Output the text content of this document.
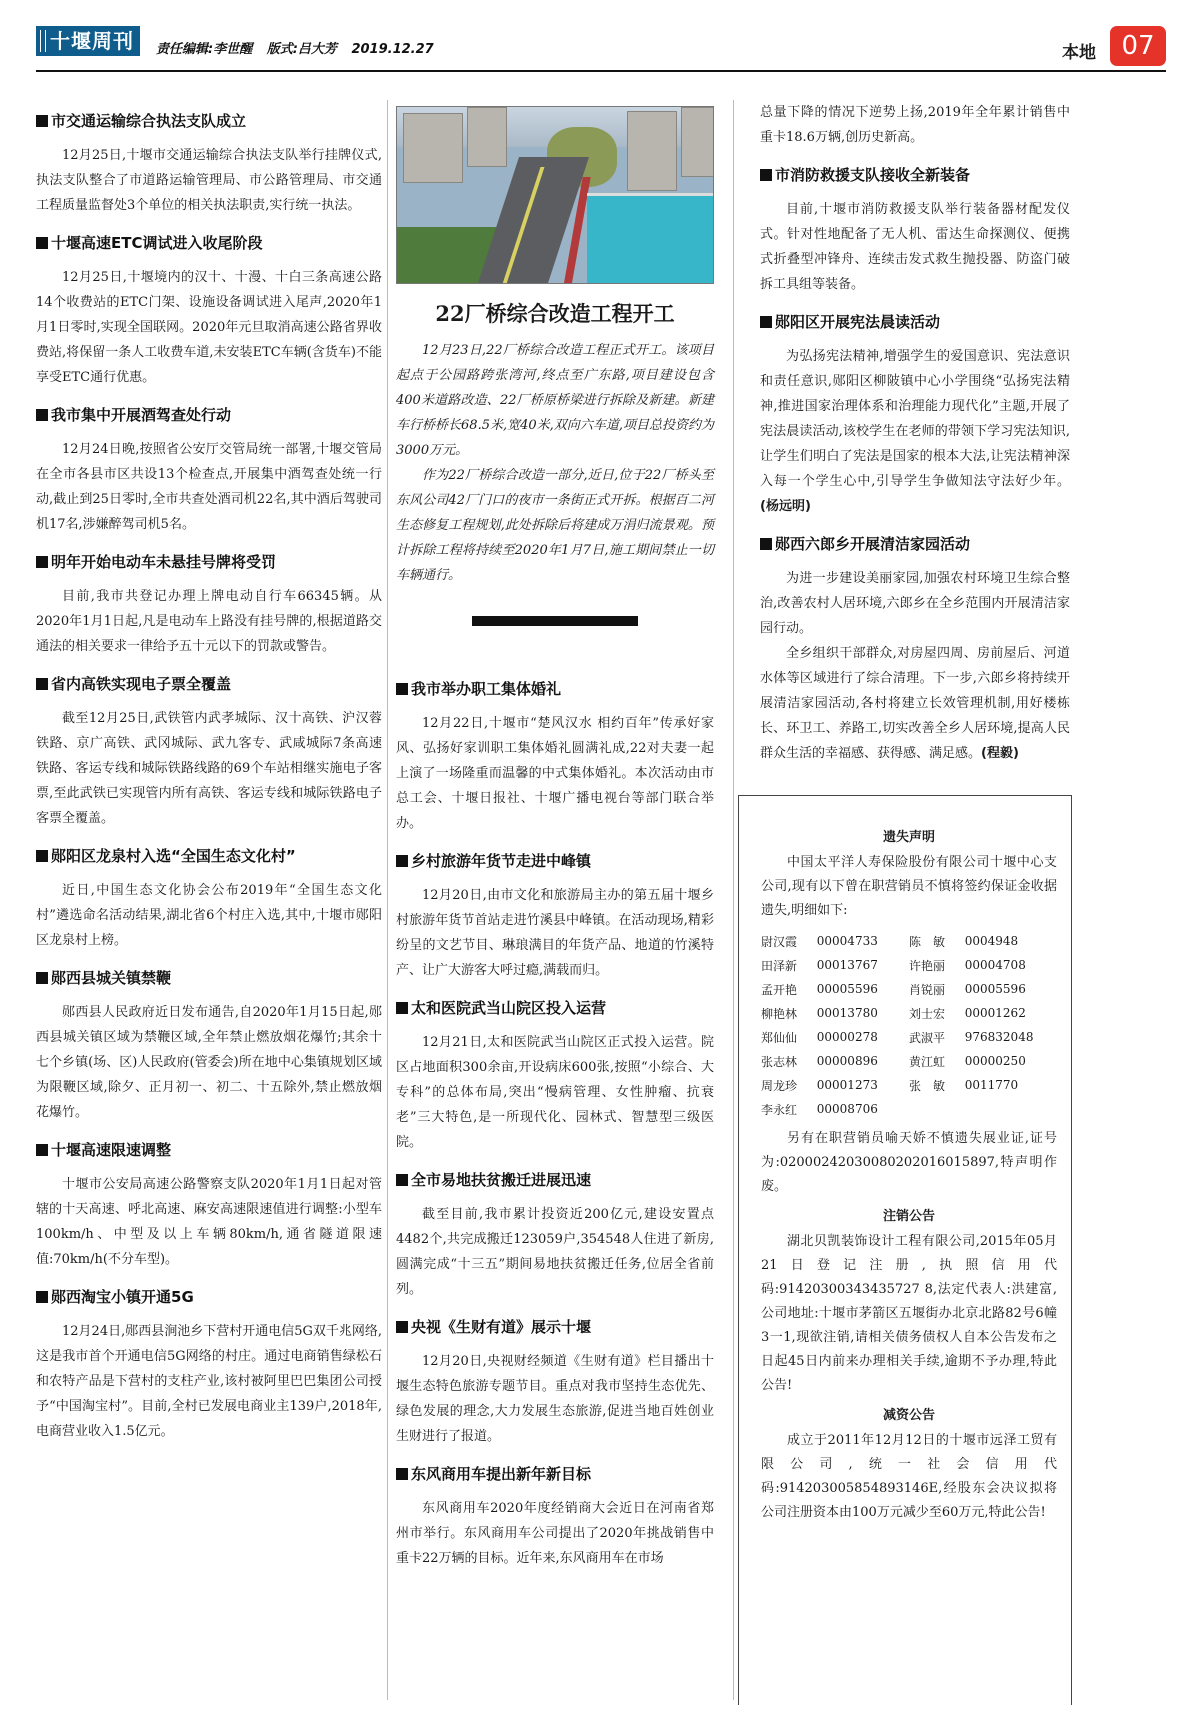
十堰周刊	责任编辑:李世醒 版式:吕大芳 2019.12.27	本地 07
市交通运输综合执法支队成立

12月25日,十堰市交通运输综合执法支队举行挂牌仪式,执法支队整合了市道路运输管理局、市公路管理局、市交通工程质量监督处3个单位的相关执法职责,实行统一执法。

十堰高速ETC调试进入收尾阶段

12月25日,十堰境内的汉十、十漫、十白三条高速公路14个收费站的ETC门架、设施设备调试进入尾声,2020年1月1日零时,实现全国联网。2020年元旦取消高速公路省界收费站,将保留一条人工收费车道,未安装ETC车辆(含货车)不能享受ETC通行优惠。

我市集中开展酒驾查处行动

12月24日晚,按照省公安厅交管局统一部署,十堰交管局在全市各县市区共设13个检查点,开展集中酒驾查处统一行动,截止到25日零时,全市共查处酒司机22名,其中酒后驾驶司机17名,涉嫌醉驾司机5名。

明年开始电动车未悬挂号牌将受罚

目前,我市共登记办理上牌电动自行车66345辆。从2020年1月1日起,凡是电动车上路没有挂号牌的,根据道路交通法的相关要求一律给予五十元以下的罚款或警告。

省内高铁实现电子票全覆盖

截至12月25日,武铁管内武孝城际、汉十高铁、沪汉蓉铁路、京广高铁、武冈城际、武九客专、武咸城际7条高速铁路、客运专线和城际铁路线路的69个车站相继实施电子客票,至此武铁已实现管内所有高铁、客运专线和城际铁路电子客票全覆盖。

郧阳区龙泉村入选“全国生态文化村”

近日,中国生态文化协会公布2019年“全国生态文化村”遴选命名活动结果,湖北省6个村庄入选,其中,十堰市郧阳区龙泉村上榜。

郧西县城关镇禁鞭

郧西县人民政府近日发布通告,自2020年1月15日起,郧西县城关镇区域为禁鞭区域,全年禁止燃放烟花爆竹;其余十七个乡镇(场、区)人民政府(管委会)所在地中心集镇规划区域为限鞭区域,除夕、正月初一、初二、十五除外,禁止燃放烟花爆竹。

十堰高速限速调整

十堰市公安局高速公路警察支队2020年1月1日起对管辖的十天高速、呼北高速、麻安高速限速值进行调整:小型车100km/h、中型及以上车辆80km/h,通省隧道限速值:70km/h(不分车型)。

郧西淘宝小镇开通5G

12月24日,郧西县涧池乡下营村开通电信5G双千兆网络,这是我市首个开通电信5G网络的村庄。通过电商销售绿松石和农特产品是下营村的支柱产业,该村被阿里巴巴集团公司授予“中国淘宝村”。目前,全村已发展电商业主139户,2018年,电商营业收入1.5亿元。

22厂桥综合改造工程开工

12月23日,22厂桥综合改造工程正式开工。该项目起点于公园路跨张湾河,终点至广东路,项目建设包含400米道路改造、22厂桥原桥梁进行拆除及新建。新建车行桥桥长68.5米,宽40米,双向六车道,项目总投资约为3000万元。

作为22厂桥综合改造一部分,近日,位于22厂桥头至东风公司42厂门口的夜市一条街正式开拆。根据百二河生态修复工程规划,此处拆除后将建成万涓归流景观。预计拆除工程将持续至2020年1月7日,施工期间禁止一切车辆通行。

我市举办职工集体婚礼

12月22日,十堰市“楚风汉水 相约百年”传承好家风、弘扬好家训职工集体婚礼圆满礼成,22对夫妻一起上演了一场隆重而温馨的中式集体婚礼。本次活动由市总工会、十堰日报社、十堰广播电视台等部门联合举办。

乡村旅游年货节走进中峰镇

12月20日,由市文化和旅游局主办的第五届十堰乡村旅游年货节首站走进竹溪县中峰镇。在活动现场,精彩纷呈的文艺节目、琳琅满目的年货产品、地道的竹溪特产、让广大游客大呼过瘾,满载而归。

太和医院武当山院区投入运营

12月21日,太和医院武当山院区正式投入运营。院区占地面积300余亩,开设病床600张,按照“小综合、大专科”的总体布局,突出“慢病管理、女性肿瘤、抗衰老”三大特色,是一所现代化、园林式、智慧型三级医院。

全市易地扶贫搬迁进展迅速

截至目前,我市累计投资近200亿元,建设安置点4482个,共完成搬迁123059户,354548人住进了新房,圆满完成“十三五”期间易地扶贫搬迁任务,位居全省前列。

央视《生财有道》展示十堰

12月20日,央视财经频道《生财有道》栏目播出十堰生态特色旅游专题节目。重点对我市坚持生态优先、绿色发展的理念,大力发展生态旅游,促进当地百姓创业生财进行了报道。

东风商用车提出新年新目标

东风商用车2020年度经销商大会近日在河南省郑州市举行。东风商用车公司提出了2020年挑战销售中重卡22万辆的目标。近年来,东风商用车在市场

总量下降的情况下逆势上扬,2019年全年累计销售中重卡18.6万辆,创历史新高。

市消防救援支队接收全新装备

目前,十堰市消防救援支队举行装备器材配发仪式。针对性地配备了无人机、雷达生命探测仪、便携式折叠型冲锋舟、连续击发式救生抛投器、防盗门破拆工具组等装备。

郧阳区开展宪法晨读活动

为弘扬宪法精神,增强学生的爱国意识、宪法意识和责任意识,郧阳区柳陂镇中心小学围绕“弘扬宪法精神,推进国家治理体系和治理能力现代化”主题,开展了宪法晨读活动,该校学生在老师的带领下学习宪法知识,让学生们明白了宪法是国家的根本大法,让宪法精神深入每一个学生心中,引导学生争做知法守法好少年。 (杨远明)

郧西六郎乡开展清洁家园活动

为进一步建设美丽家园,加强农村环境卫生综合整治,改善农村人居环境,六郎乡在全乡范围内开展清洁家园行动。

全乡组织干部群众,对房屋四周、房前屋后、河道水体等区域进行了综合清理。下一步,六郎乡将持续开展清洁家园活动,各村将建立长效管理机制,用好楼栋长、环卫工、养路工,切实改善全乡人居环境,提高人民群众生活的幸福感、获得感、满足感。(程毅)

遗失声明

中国太平洋人寿保险股份有限公司十堰中心支公司,现有以下曾在职营销员不慎将签约保证金收据遗失,明细如下:

尉汉霞	00004733	陈　敏	0004948
田泽新	00013767	许艳丽	00004708
孟开艳	00005596	肖锐丽	00005596
柳艳林	00013780	刘士宏	00001262
郑仙仙	00000278	武淑平	976832048
张志林	00000896	黄江虹	00000250
周龙珍	00001273	张　敏	0011770
李永红	00008706		

另有在职营销员喻天娇不慎遗失展业证,证号为:02000242030080202016015897,特声明作废。

注销公告

湖北贝凯装饰设计工程有限公司,2015年05月21日登记注册,执照信用代码:91420300343435727 8,法定代表人:洪建富,公司地址:十堰市茅箭区五堰街办北京北路82号6幢3一1,现欲注销,请相关债务债权人自本公告发布之日起45日内前来办理相关手续,逾期不予办理,特此公告!

减资公告

成立于2011年12月12日的十堰市远泽工贸有限公司,统一社会信用代码:914203005854893146E,经股东会决议拟将公司注册资本由100万元减少至60万元,特此公告!
